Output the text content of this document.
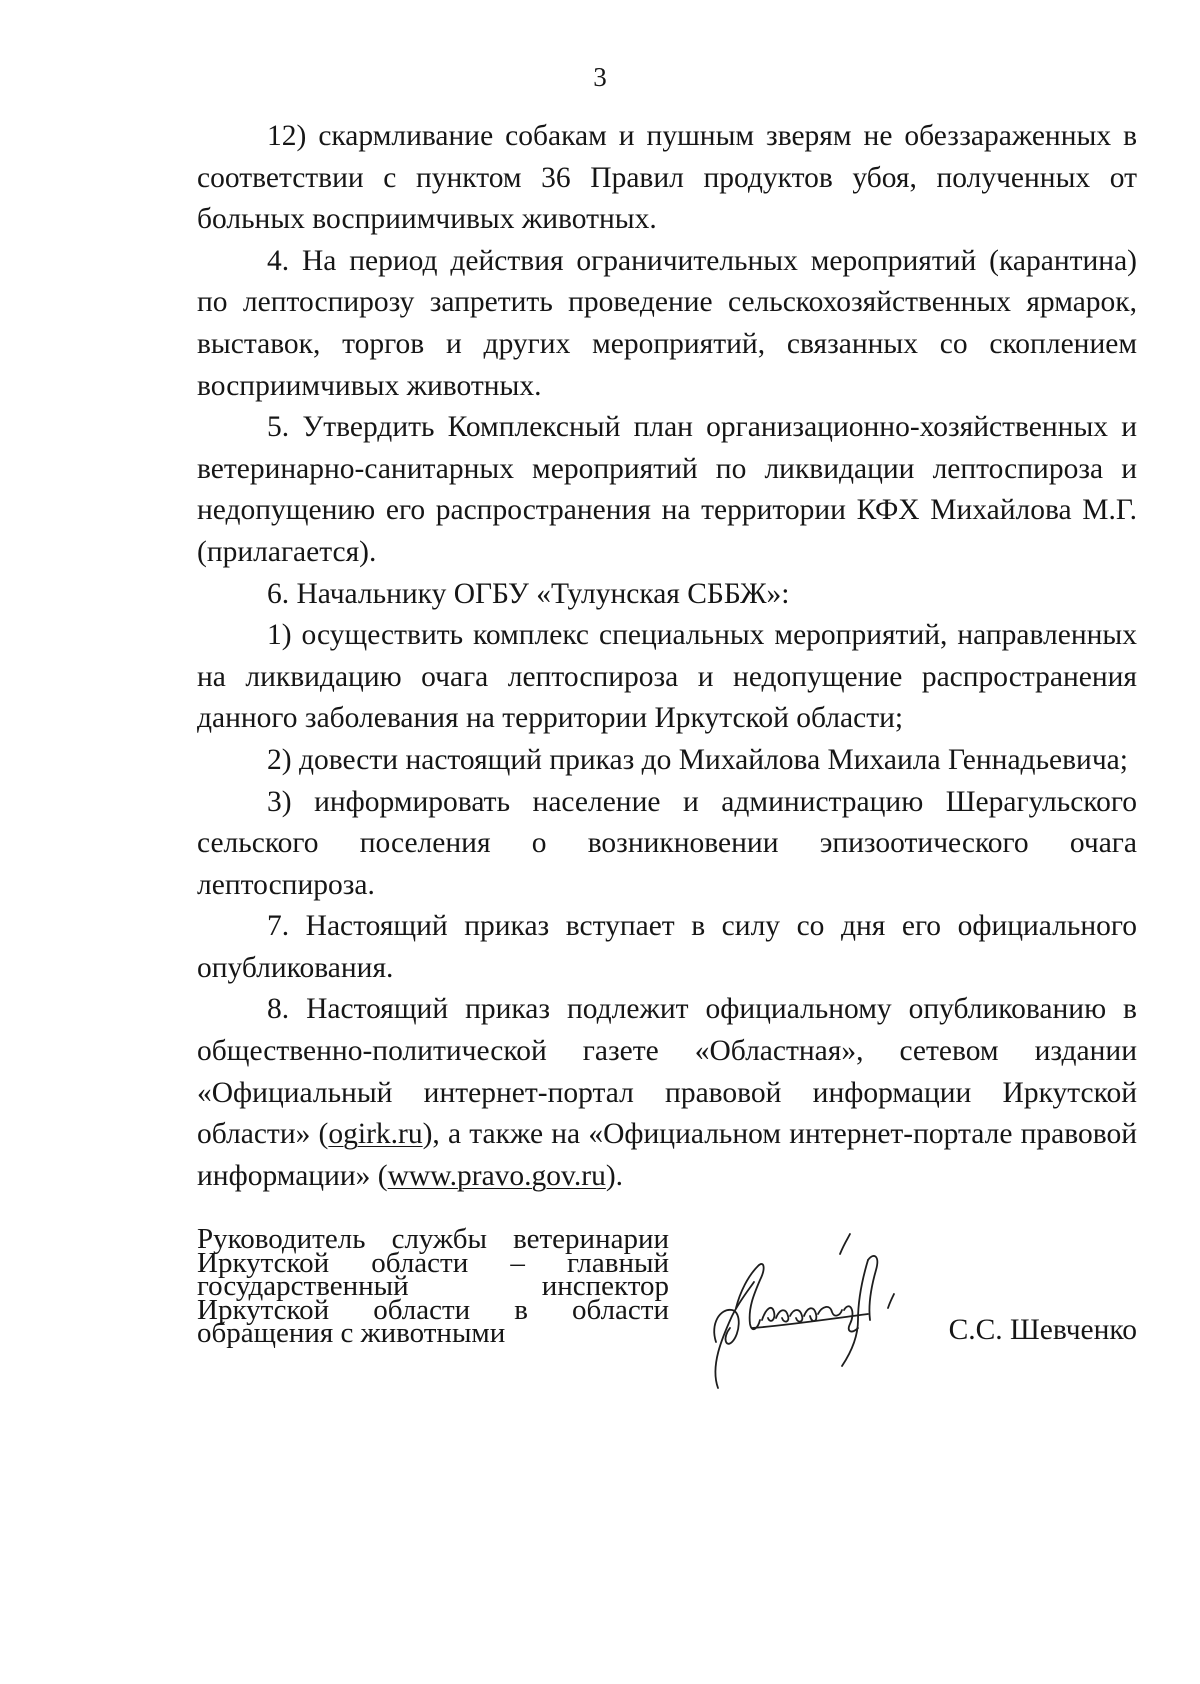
3

12) скармливание собакам и пушным зверям не обеззараженных в соответствии с пунктом 36 Правил продуктов убоя, полученных от больных восприимчивых животных.

4. На период действия ограничительных мероприятий (карантина) по лептоспирозу запретить проведение сельскохозяйственных ярмарок, выставок, торгов и других мероприятий, связанных со скоплением восприимчивых животных.

5. Утвердить Комплексный план организационно-хозяйственных и ветеринарно-санитарных мероприятий по ликвидации лептоспироза и недопущению его распространения на территории КФХ Михайлова М.Г. (прилагается).

6. Начальнику ОГБУ «Тулунская СББЖ»:

1) осуществить комплекс специальных мероприятий, направленных на ликвидацию очага лептоспироза и недопущение распространения данного заболевания на территории Иркутской области;

2) довести настоящий приказ до Михайлова Михаила Геннадьевича;

3) информировать население и администрацию Шерагульского сельского поселения о возникновении эпизоотического очага лептоспироза.

7. Настоящий приказ вступает в силу со дня его официального опубликования.

8. Настоящий приказ подлежит официальному опубликованию в общественно-политической газете «Областная», сетевом издании «Официальный интернет-портал правовой информации Иркутской области» (ogirk.ru), а также на «Официальном интернет-портале правовой информации» (www.pravo.gov.ru).

Руководитель службы ветеринарии
Иркутской области – главный
государственный инспектор
Иркутской области в области
обращения с животными	С.С. Шевченко
